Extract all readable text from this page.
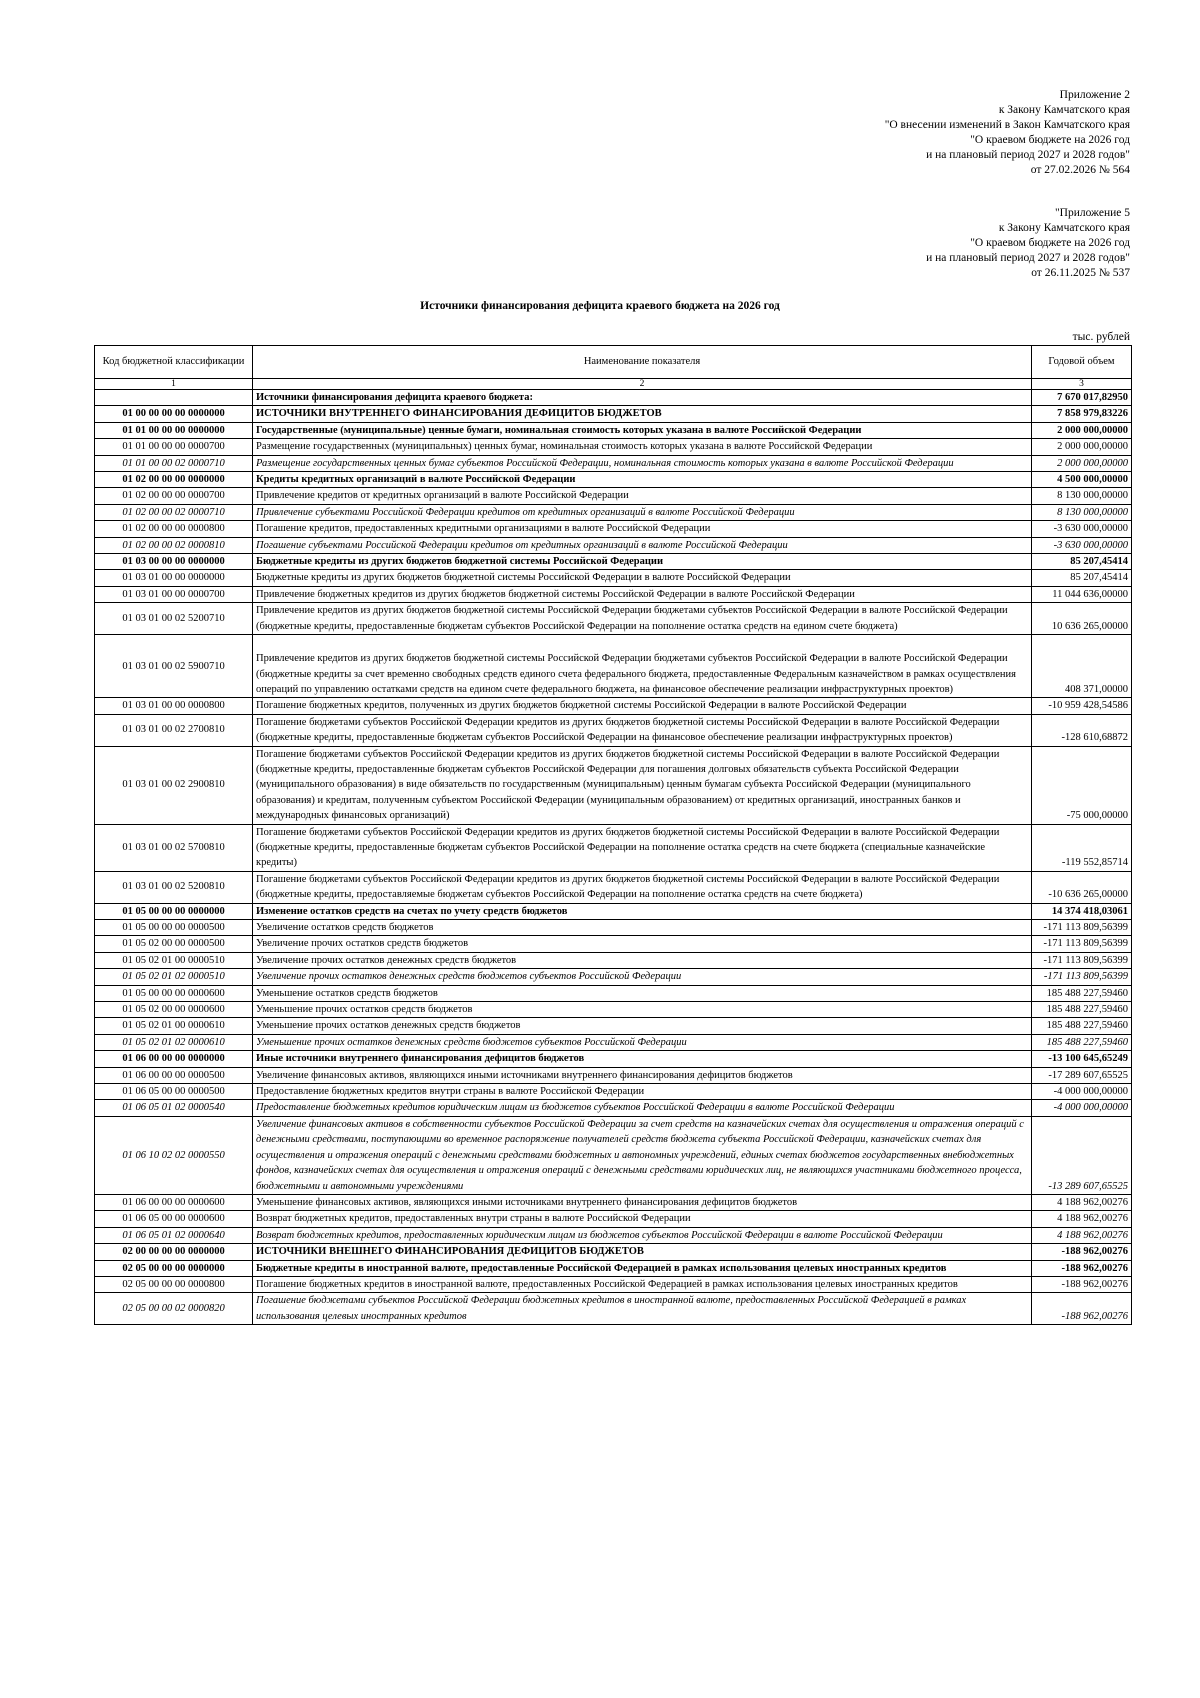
Приложение 2
к Закону Камчатского края
"О внесении изменений в Закон Камчатского края
"О краевом бюджете на 2026 год
и на плановый период 2027 и 2028 годов"
от 27.02.2026 № 564
"Приложение 5
к Закону Камчатского края
"О краевом бюджете на 2026 год
и на плановый период 2027 и 2028 годов"
от 26.11.2025 № 537
Источники финансирования дефицита краевого бюджета на 2026 год
тыс. рублей
Код бюджетной классификации	Наименование показателя	Годовой объем
1	2	3
	Источники финансирования дефицита краевого бюджета:	7 670 017,82950
01 00 00 00 00 0000000	ИСТОЧНИКИ ВНУТРЕННЕГО ФИНАНСИРОВАНИЯ ДЕФИЦИТОВ БЮДЖЕТОВ	7 858 979,83226
01 01 00 00 00 0000000	Государственные (муниципальные) ценные бумаги, номинальная стоимость которых указана в валюте Российской Федерации	2 000 000,00000
01 01 00 00 00 0000700	Размещение государственных (муниципальных) ценных бумаг, номинальная стоимость которых указана в валюте Российской Федерации	2 000 000,00000
01 01 00 00 02 0000710	Размещение государственных ценных бумаг субъектов Российской Федерации, номинальная стоимость которых указана в валюте Российской Федерации	2 000 000,00000
01 02 00 00 00 0000000	Кредиты кредитных организаций в валюте Российской Федерации	4 500 000,00000
01 02 00 00 00 0000700	Привлечение кредитов от кредитных организаций в валюте Российской Федерации	8 130 000,00000
01 02 00 00 02 0000710	Привлечение субъектами Российской Федерации кредитов от кредитных организаций в валюте Российской Федерации	8 130 000,00000
01 02 00 00 00 0000800	Погашение кредитов, предоставленных кредитными организациями в валюте Российской Федерации	-3 630 000,00000
01 02 00 00 02 0000810	Погашение субъектами Российской Федерации кредитов от кредитных организаций в валюте Российской Федерации	-3 630 000,00000
01 03 00 00 00 0000000	Бюджетные кредиты из других бюджетов бюджетной системы Российской Федерации	85 207,45414
01 03 01 00 00 0000000	Бюджетные кредиты из других бюджетов бюджетной системы Российской Федерации в валюте Российской Федерации	85 207,45414
01 03 01 00 00 0000700	Привлечение бюджетных кредитов из других бюджетов бюджетной системы Российской Федерации в валюте Российской Федерации	11 044 636,00000
01 03 01 00 02 5200710	Привлечение кредитов из других бюджетов бюджетной системы Российской Федерации бюджетами субъектов Российской Федерации в валюте Российской Федерации (бюджетные кредиты, предоставленные бюджетам субъектов Российской Федерации на пополнение остатка средств на едином счете бюджета)	10 636 265,00000
01 03 01 00 02 5900710	Привлечение кредитов из других бюджетов бюджетной системы Российской Федерации бюджетами субъектов Российской Федерации в валюте Российской Федерации (бюджетные кредиты за счет временно свободных средств единого счета федерального бюджета, предоставленные Федеральным казначейством в рамках осуществления операций по управлению остатками средств на едином счете федерального бюджета, на финансовое обеспечение реализации инфраструктурных проектов)	408 371,00000
01 03 01 00 00 0000800	Погашение бюджетных кредитов, полученных из других бюджетов бюджетной системы Российской Федерации в валюте Российской Федерации	-10 959 428,54586
01 03 01 00 02 2700810	Погашение бюджетами субъектов Российской Федерации кредитов из других бюджетов бюджетной системы Российской Федерации в валюте Российской Федерации (бюджетные кредиты, предоставленные бюджетам субъектов Российской Федерации на финансовое обеспечение реализации инфраструктурных проектов)	-128 610,68872
01 03 01 00 02 2900810	Погашение бюджетами субъектов Российской Федерации кредитов из других бюджетов бюджетной системы Российской Федерации в валюте Российской Федерации (бюджетные кредиты, предоставленные бюджетам субъектов Российской Федерации для погашения долговых обязательств субъекта Российской Федерации (муниципального образования) в виде обязательств по государственным (муниципальным) ценным бумагам субъекта Российской Федерации (муниципального образования) и кредитам, полученным субъектом Российской Федерации (муниципальным образованием) от кредитных организаций, иностранных банков и международных финансовых организаций)	-75 000,00000
01 03 01 00 02 5700810	Погашение бюджетами субъектов Российской Федерации кредитов из других бюджетов бюджетной системы Российской Федерации в валюте Российской Федерации (бюджетные кредиты, предоставленные бюджетам субъектов Российской Федерации на пополнение остатка средств на счете бюджета (специальные казначейские кредиты)	-119 552,85714
01 03 01 00 02 5200810	Погашение бюджетами субъектов Российской Федерации кредитов из других бюджетов бюджетной системы Российской Федерации в валюте Российской Федерации (бюджетные кредиты, предоставляемые бюджетам субъектов Российской Федерации на пополнение остатка средств на счете бюджета)	-10 636 265,00000
01 05 00 00 00 0000000	Изменение остатков средств на счетах по учету средств бюджетов	14 374 418,03061
01 05 00 00 00 0000500	Увеличение остатков средств бюджетов	-171 113 809,56399
01 05 02 00 00 0000500	Увеличение прочих остатков средств бюджетов	-171 113 809,56399
01 05 02 01 00 0000510	Увеличение прочих остатков денежных средств бюджетов	-171 113 809,56399
01 05 02 01 02 0000510	Увеличение прочих остатков денежных средств бюджетов субъектов Российской Федерации	-171 113 809,56399
01 05 00 00 00 0000600	Уменьшение остатков средств бюджетов	185 488 227,59460
01 05 02 00 00 0000600	Уменьшение прочих остатков средств бюджетов	185 488 227,59460
01 05 02 01 00 0000610	Уменьшение прочих остатков денежных средств бюджетов	185 488 227,59460
01 05 02 01 02 0000610	Уменьшение прочих остатков денежных средств бюджетов субъектов Российской Федерации	185 488 227,59460
01 06 00 00 00 0000000	Иные источники внутреннего финансирования дефицитов бюджетов	-13 100 645,65249
01 06 00 00 00 0000500	Увеличение финансовых активов, являющихся иными источниками внутреннего финансирования дефицитов бюджетов	-17 289 607,65525
01 06 05 00 00 0000500	Предоставление бюджетных кредитов внутри страны в валюте Российской Федерации	-4 000 000,00000
01 06 05 01 02 0000540	Предоставление бюджетных кредитов юридическим лицам из бюджетов субъектов Российской Федерации в валюте Российской Федерации	-4 000 000,00000
01 06 10 02 02 0000550	Увеличение финансовых активов в собственности субъектов Российской Федерации за счет средств на казначейских счетах для осуществления и отражения операций с денежными средствами, поступающими во временное распоряжение получателей средств бюджета субъекта Российской Федерации, казначейских счетах для осуществления и отражения операций с денежными средствами бюджетных и автономных учреждений, единых счетах бюджетов государственных внебюджетных фондов, казначейских счетах для осуществления и отражения операций с денежными средствами юридических лиц, не являющихся участниками бюджетного процесса, бюджетными и автономными учреждениями	-13 289 607,65525
01 06 00 00 00 0000600	Уменьшение финансовых активов, являющихся иными источниками внутреннего финансирования дефицитов бюджетов	4 188 962,00276
01 06 05 00 00 0000600	Возврат бюджетных кредитов, предоставленных внутри страны в валюте Российской Федерации	4 188 962,00276
01 06 05 01 02 0000640	Возврат бюджетных кредитов, предоставленных юридическим лицам из бюджетов субъектов Российской Федерации в валюте Российской Федерации	4 188 962,00276
02 00 00 00 00 0000000	ИСТОЧНИКИ ВНЕШНЕГО ФИНАНСИРОВАНИЯ ДЕФИЦИТОВ БЮДЖЕТОВ	-188 962,00276
02 05 00 00 00 0000000	Бюджетные кредиты в иностранной валюте, предоставленные Российской Федерацией в рамках использования целевых иностранных кредитов	-188 962,00276
02 05 00 00 00 0000800	Погашение бюджетных кредитов в иностранной валюте, предоставленных Российской Федерацией в рамках использования целевых иностранных кредитов	-188 962,00276
02 05 00 00 02 0000820	Погашение бюджетами субъектов Российской Федерации бюджетных кредитов в иностранной валюте, предоставленных Российской Федерацией в рамках использования целевых иностранных кредитов	-188 962,00276
